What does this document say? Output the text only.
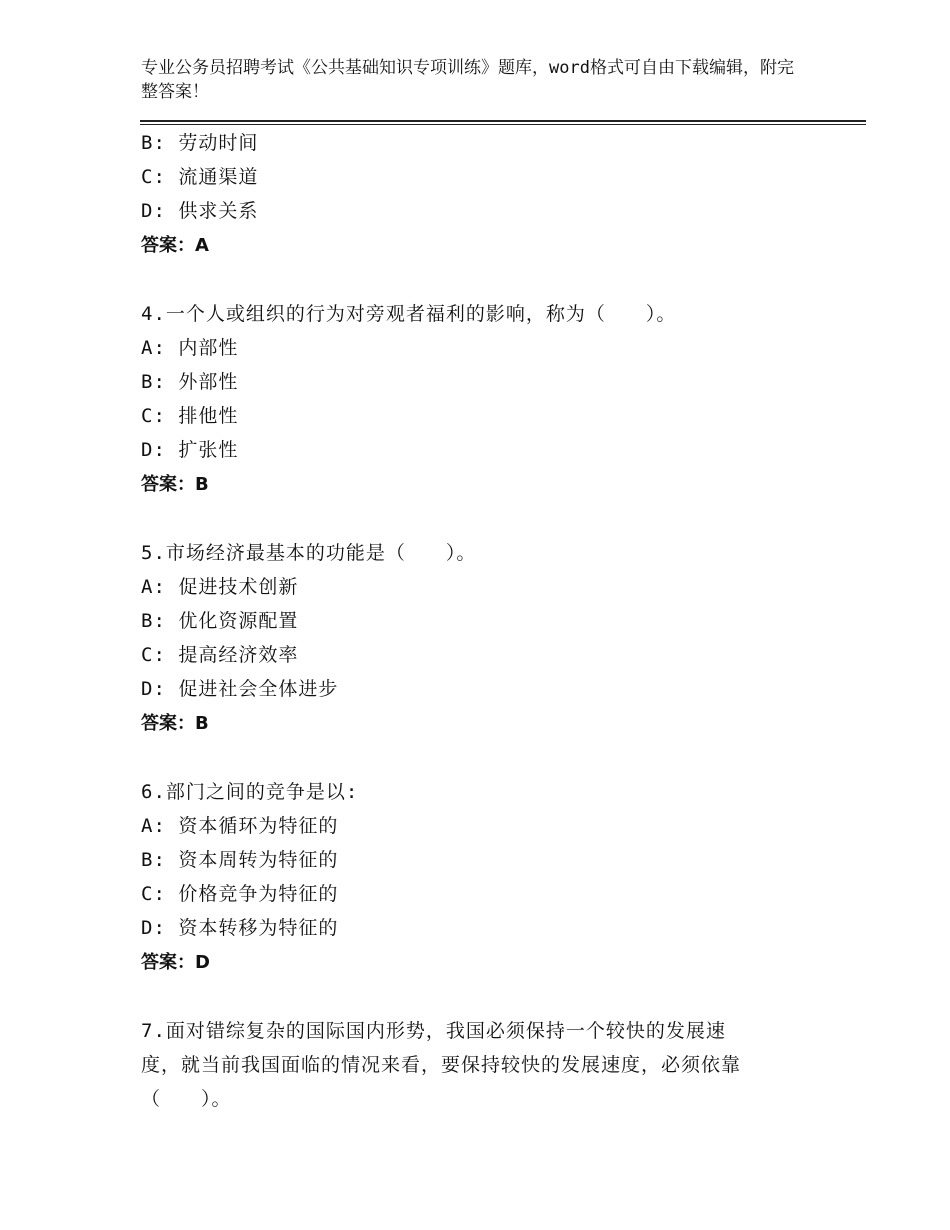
专业公务员招聘考试《公共基础知识专项训练》题库，word格式可自由下载编辑，附完整答案！
B: 劳动时间
C: 流通渠道
D: 供求关系
答案：A
4.一个人或组织的行为对旁观者福利的影响，称为（　　）。
A: 内部性
B: 外部性
C: 排他性
D: 扩张性
答案：B
5.市场经济最基本的功能是（　　）。
A: 促进技术创新
B: 优化资源配置
C: 提高经济效率
D: 促进社会全体进步
答案：B
6.部门之间的竞争是以:
A: 资本循环为特征的
B: 资本周转为特征的
C: 价格竞争为特征的
D: 资本转移为特征的
答案：D
7.面对错综复杂的国际国内形势，我国必须保持一个较快的发展速
度，就当前我国面临的情况来看，要保持较快的发展速度，必须依靠
（　　）。
